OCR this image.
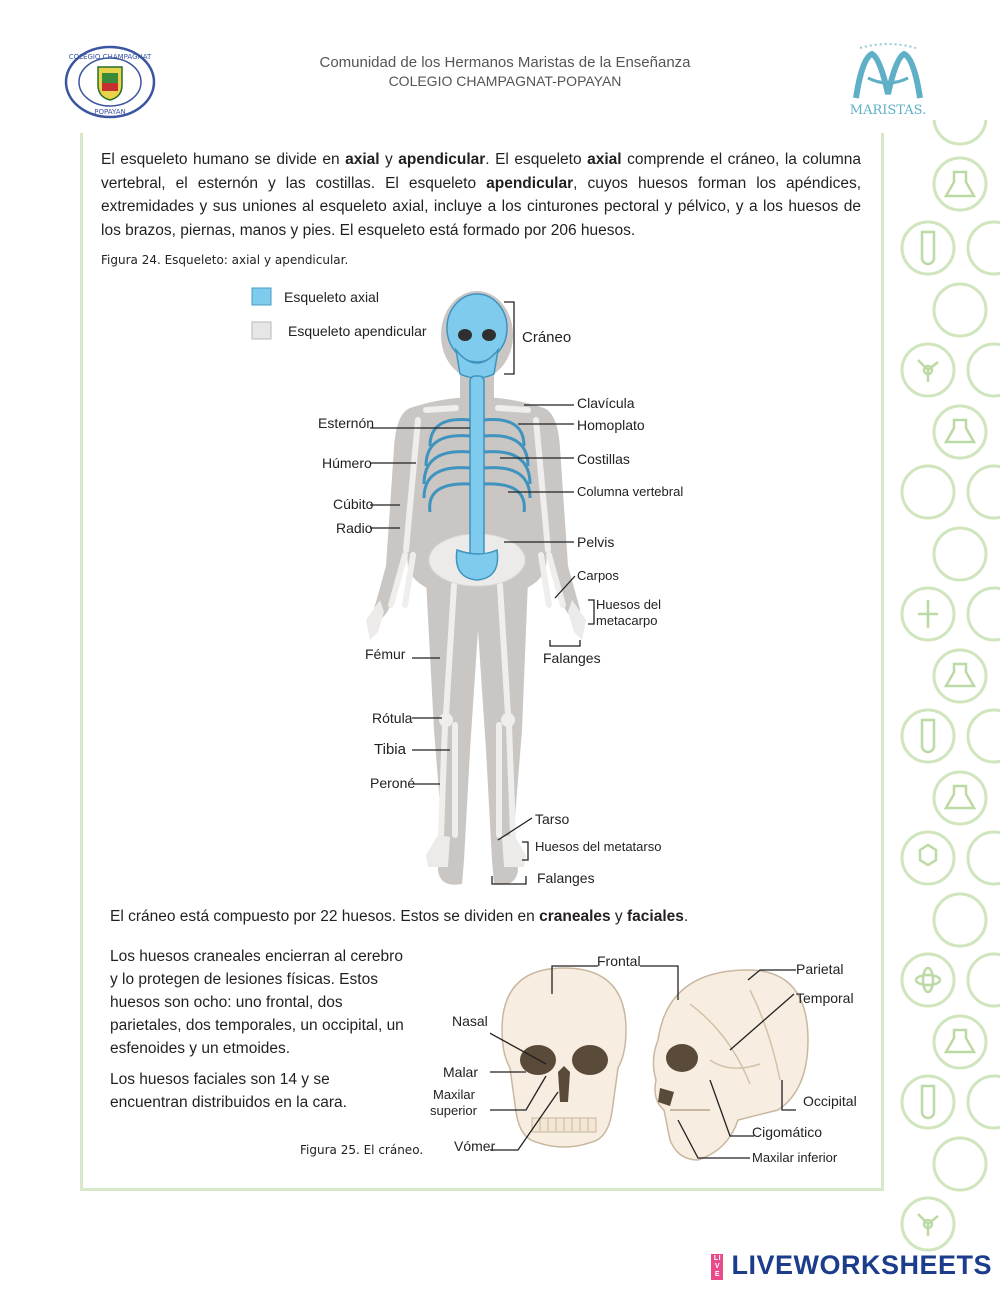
COLEGIO CHAMPAGNAT
POPAYAN
Comunidad de los Hermanos Maristas de la Enseñanza
COLEGIO CHAMPAGNAT-POPAYAN
MARISTAS.
El esqueleto humano se divide en axial y apendicular. El esqueleto axial comprende el cráneo, la columna vertebral, el esternón y las costillas. El esqueleto apendicular, cuyos huesos forman los apéndices, extremidades y sus uniones al esqueleto axial, incluye a los cinturones pectoral y pélvico, y a los huesos de los brazos, piernas, manos y pies. El esqueleto está formado por 206 huesos.
Figura 24. Esqueleto: axial y apendicular.
Esqueleto axial
Esqueleto apendicular	Cráneo
Clavícula
Homoplato
Costillas
Columna vertebral
Pelvis
Carpos
Huesos del
metacarpo
Falanges
Esternón
Húmero
Cúbito
Radio
Fémur
Rótula
Tibia
Peroné
Tarso
Huesos del metatarso
Falanges
El cráneo está compuesto por 22 huesos. Estos se dividen en craneales y faciales.
Los huesos craneales encierran al cerebro y lo protegen de lesiones físicas. Estos huesos son ocho: uno frontal, dos parietales, dos temporales, un occipital, un esfenoides y un etmoides.
Los huesos faciales son 14 y se encuentran distribuidos en la cara.
Frontal	Parietal
Temporal
Nasal
Malar
Maxilar
superior
Vómer
Occipital
Cigomático
Maxilar inferior
Figura 25. El cráneo.
LIVE LIVEWORKSHEETS
